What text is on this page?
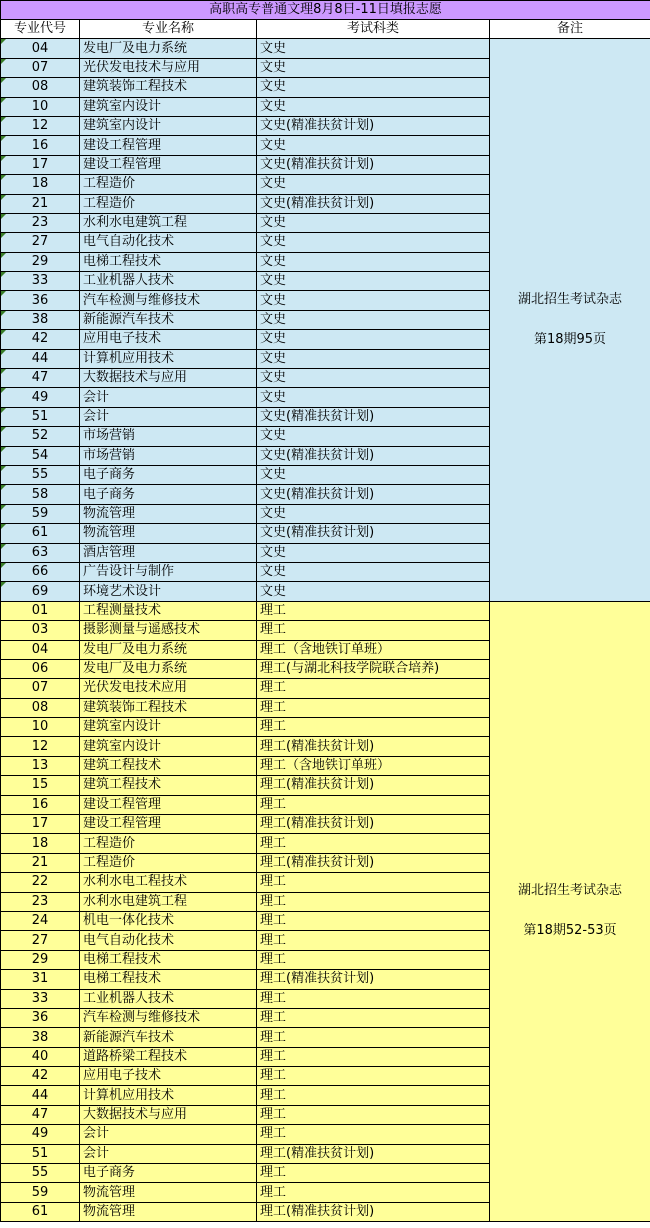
高职高专普通文理8月8日-11日填报志愿			
专业代号	专业名称	考试科类	备注
04	发电厂及电力系统	文史	湖北招生考试杂志
第18期95页

07	光伏发电技术与应用	文史	
08	建筑装饰工程技术	文史	
10	建筑室内设计	文史	
12	建筑室内设计	文史(精准扶贫计划)	
16	建设工程管理	文史	
17	建设工程管理	文史(精准扶贫计划)	
18	工程造价	文史	
21	工程造价	文史(精准扶贫计划)	
23	水利水电建筑工程	文史	
27	电气自动化技术	文史	
29	电梯工程技术	文史	
33	工业机器人技术	文史	
36	汽车检测与维修技术	文史	
38	新能源汽车技术	文史	
42	应用电子技术	文史	
44	计算机应用技术	文史	
47	大数据技术与应用	文史	
49	会计	文史	
51	会计	文史(精准扶贫计划)	
52	市场营销	文史	
54	市场营销	文史(精准扶贫计划)	
55	电子商务	文史	
58	电子商务	文史(精准扶贫计划)	
59	物流管理	文史	
61	物流管理	文史(精准扶贫计划)	
63	酒店管理	文史	
66	广告设计与制作	文史	
69	环境艺术设计	文史	
01	工程测量技术	理工	湖北招生考试杂志
第18期52-53页

03	摄影测量与遥感技术	理工	
04	发电厂及电力系统	理工（含地铁订单班）	
06	发电厂及电力系统	理工(与湖北科技学院联合培养)	
07	光伏发电技术应用	理工	
08	建筑装饰工程技术	理工	
10	建筑室内设计	理工	
12	建筑室内设计	理工(精准扶贫计划)	
13	建筑工程技术	理工（含地铁订单班）	
15	建筑工程技术	理工(精准扶贫计划)	
16	建设工程管理	理工	
17	建设工程管理	理工(精准扶贫计划)	
18	工程造价	理工	
21	工程造价	理工(精准扶贫计划)	
22	水利水电工程技术	理工	
23	水利水电建筑工程	理工	
24	机电一体化技术	理工	
27	电气自动化技术	理工	
29	电梯工程技术	理工	
31	电梯工程技术	理工(精准扶贫计划)	
33	工业机器人技术	理工	
36	汽车检测与维修技术	理工	
38	新能源汽车技术	理工	
40	道路桥梁工程技术	理工	
42	应用电子技术	理工	
44	计算机应用技术	理工	
47	大数据技术与应用	理工	
49	会计	理工	
51	会计	理工(精准扶贫计划)	
55	电子商务	理工	
59	物流管理	理工	
61	物流管理	理工(精准扶贫计划)	
